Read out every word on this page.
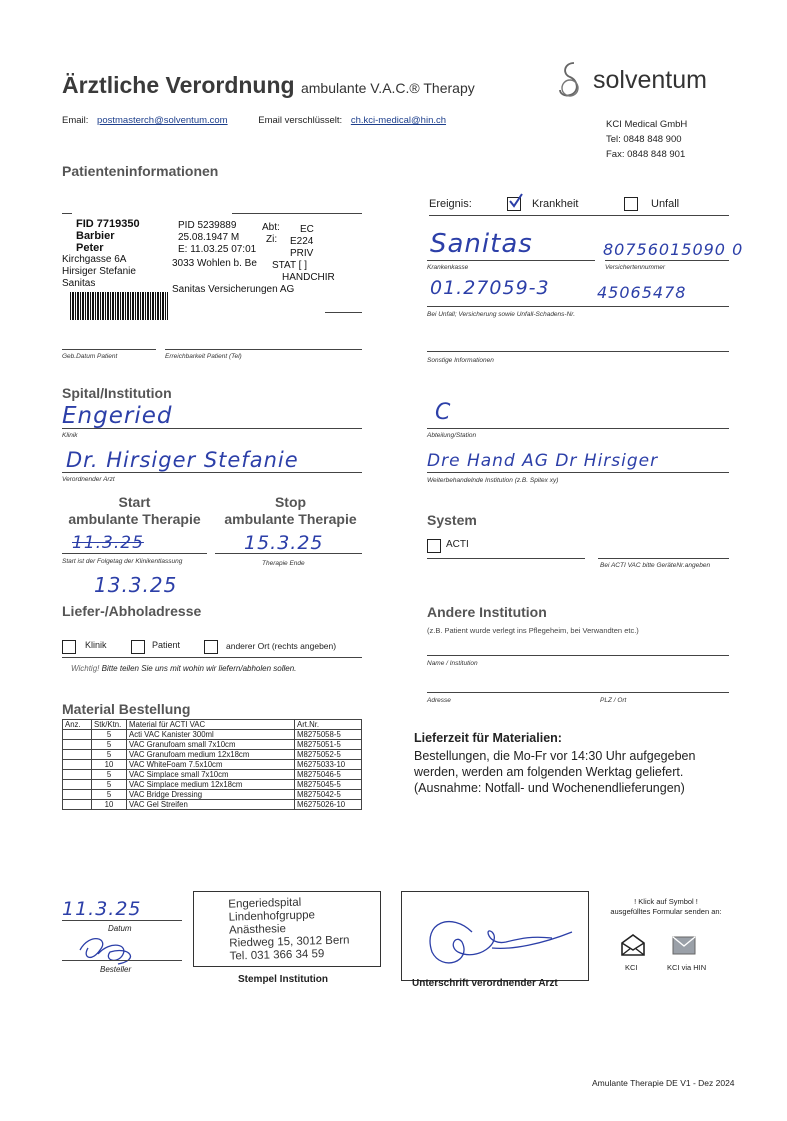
Ärztliche Verordnung ambulante V.A.C.® Therapy	solventum
Email: postmasterch@solventum.com	Email verschlüsselt: ch.kci-medical@hin.ch	KCI Medical GmbH
Tel: 0848 848 900
Fax: 0848 848 901
Patienteninformationen
FID 7719350
Barbier
Peter
Kirchgasse 6A
Hirsiger Stefanie
Sanitas
PID 5239889
25.08.1947 M
E: 11.03.25 07:01
3033 Wohlen b. Be
Abt: EC
Zi: E224
PRIV
STAT [ ]
HANDCHIR
Sanitas Versicherungen AG
Geb.Datum Patient	Erreichbarkeit Patient (Tel)
Ereignis:	Krankheit	Unfall
Sanitas	80756015090 0
Krankenkasse	Versichertennummer
01.27059-3	45065478
Bei Unfall; Versicherung sowie Unfall-Schadens-Nr.
Sonstige Informationen
Spital/Institution
Engeried
Klinik
Dr. Hirsiger Stefanie
Verordnender Arzt
C
Abteilung/Station
Dre Hand AG Dr Hirsiger
Weiterbehandelnde Institution (z.B. Spitex xy)
Start
ambulante Therapie
Stop
ambulante Therapie
11.3.25	15.3.25
Start ist der Folgetag der Klinikentlassung	Therapie Ende
13.3.25
System
ACTI
Bei ACTI VAC bitte GeräteNr.angeben
Liefer-/Abholadresse
Klinik	Patient	anderer Ort (rechts angeben)
Wichtig! Bitte teilen Sie uns mit wohin wir liefern/abholen sollen.
Andere Institution
(z.B. Patient wurde verlegt ins Pflegeheim, bei Verwandten etc.)
Name / Institution
Adresse	PLZ / Ort
Material Bestellung
Anz.	Stk/Ktn.	Material für ACTI VAC	Art.Nr.
	5	Acti VAC Kanister 300ml	M8275058-5
	5	VAC Granufoam small 7x10cm	M8275051-5
	5	VAC Granufoam medium 12x18cm	M8275052-5
	10	VAC WhiteFoam 7.5x10cm	M6275033-10
	5	VAC Simplace small 7x10cm	M8275046-5
	5	VAC Simplace medium 12x18cm	M8275045-5
	5	VAC Bridge Dressing	M8275042-5
	10	VAC Gel Streifen	M6275026-10
Lieferzeit für Materialien:
Bestellungen, die Mo-Fr vor 14:30 Uhr aufgegeben
werden, werden am folgenden Werktag geliefert.
(Ausnahme: Notfall- und Wochenendlieferungen)
11.3.25
Datum
Besteller
Engeriedspital
Lindenhofgruppe
Anästhesie
Riedweg 15, 3012 Bern
Tel. 031 366 34 59
Stempel Institution	Unterschrift verordnender Arzt
! Klick auf Symbol !
ausgefülltes Formular senden an:
KCI	KCI via HIN
Amulante Therapie DE V1 - Dez 2024
